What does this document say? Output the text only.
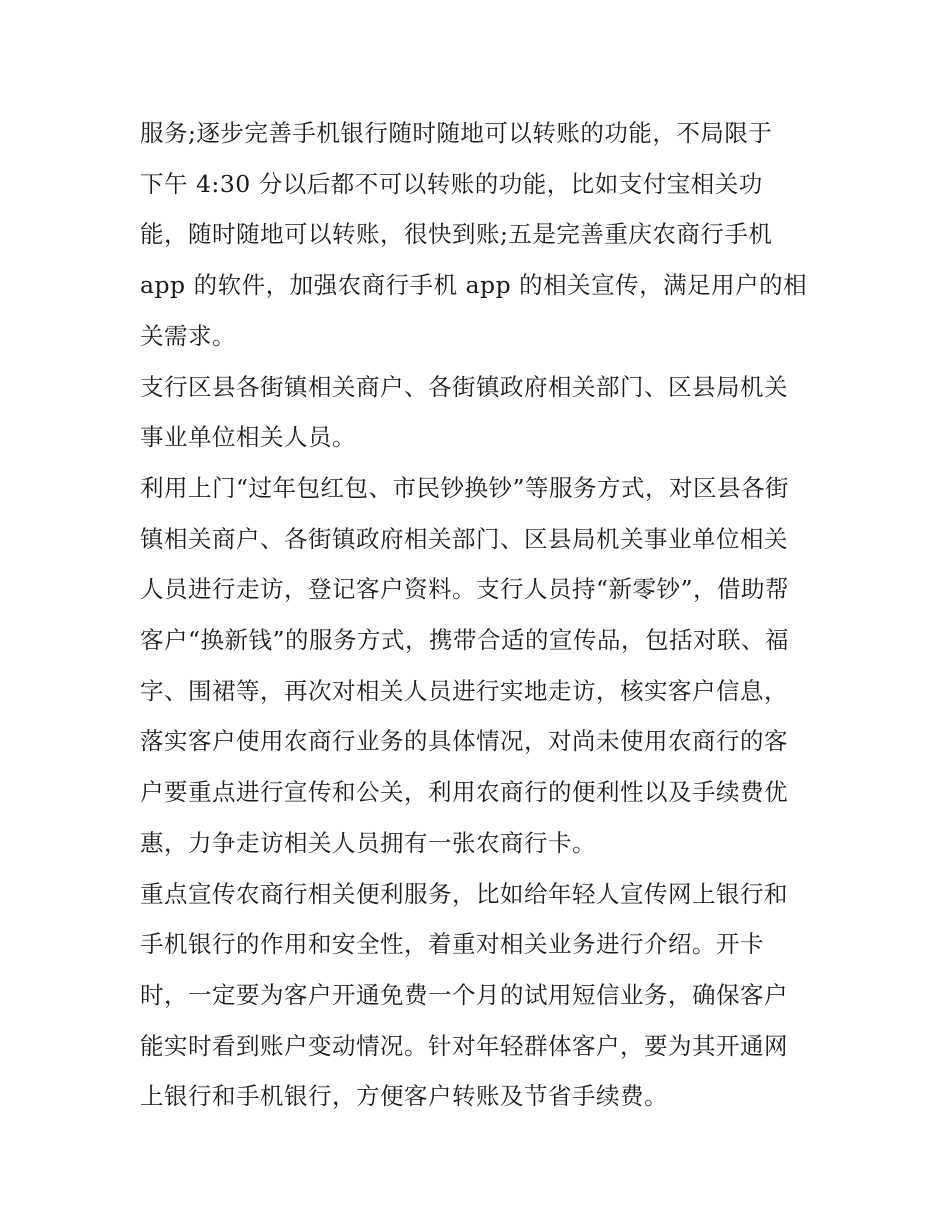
服务;逐步完善手机银行随时随地可以转账的功能，不局限于
下午 4:30 分以后都不可以转账的功能，比如支付宝相关功
能，随时随地可以转账，很快到账;五是完善重庆农商行手机
app 的软件，加强农商行手机 app 的相关宣传，满足用户的相
关需求。

支行区县各街镇相关商户、各街镇政府相关部门、区县局机关
事业单位相关人员。

利用上门“过年包红包、市民钞换钞”等服务方式，对区县各街
镇相关商户、各街镇政府相关部门、区县局机关事业单位相关
人员进行走访，登记客户资料。支行人员持“新零钞”，借助帮
客户“换新钱”的服务方式，携带合适的宣传品，包括对联、福
字、围裙等，再次对相关人员进行实地走访，核实客户信息，
落实客户使用农商行业务的具体情况，对尚未使用农商行的客
户要重点进行宣传和公关，利用农商行的便利性以及手续费优
惠，力争走访相关人员拥有一张农商行卡。

重点宣传农商行相关便利服务，比如给年轻人宣传网上银行和
手机银行的作用和安全性，着重对相关业务进行介绍。开卡
时，一定要为客户开通免费一个月的试用短信业务，确保客户
能实时看到账户变动情况。针对年轻群体客户，要为其开通网
上银行和手机银行，方便客户转账及节省手续费。
